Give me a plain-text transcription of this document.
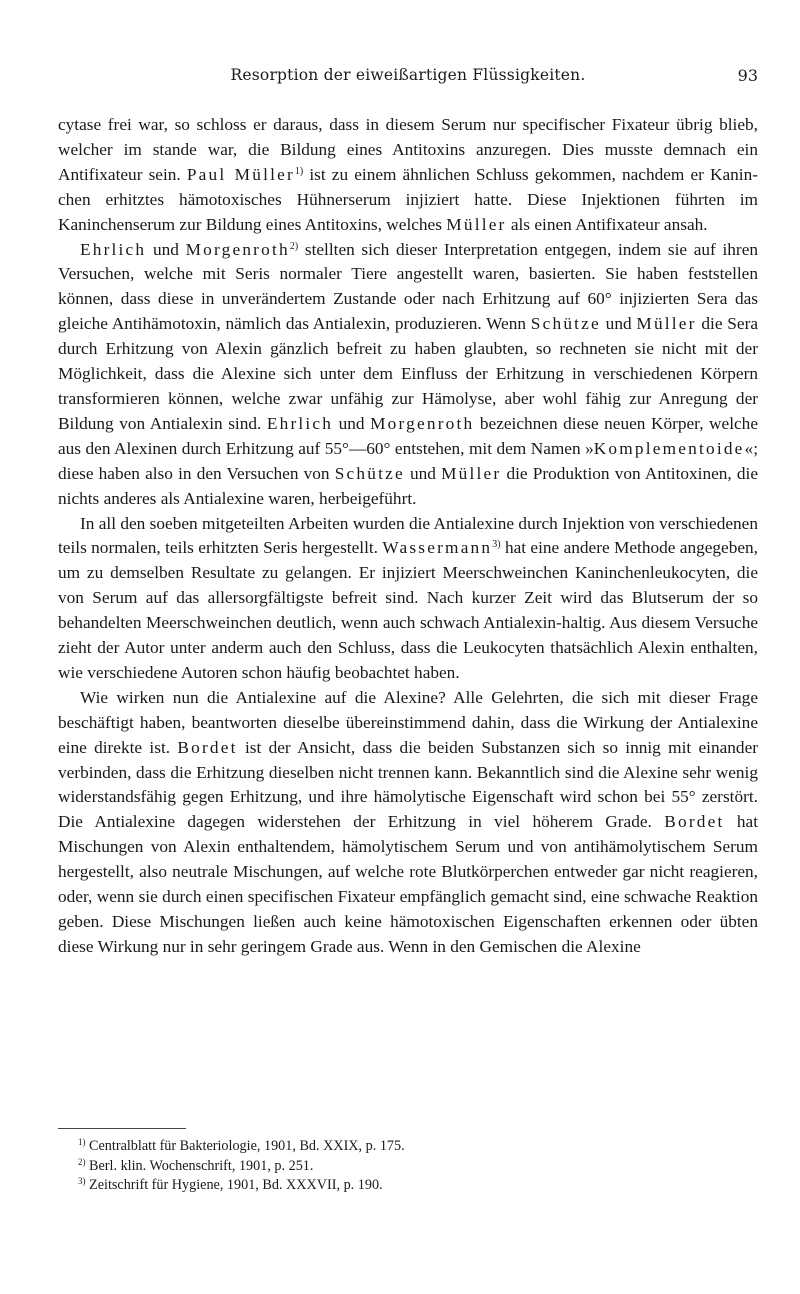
Resorption der eiweißartigen Flüssigkeiten.	93

cytase frei war, so schloss er daraus, dass in diesem Serum nur specifischer Fixateur übrig blieb, welcher im stande war, die Bildung eines Antitoxins anzuregen. Dies musste demnach ein Antifixateur sein. Paul Müller$^{1)}$ ist zu einem ähnlichen Schluss gekommen, nachdem er Kaninchen erhitztes hämotoxisches Hühnerserum injiziert hatte. Diese Injektionen führten im Kaninchenserum zur Bildung eines Antitoxins, welches Müller als einen Antifixateur ansah.

Ehrlich und Morgenroth$^{2)}$ stellten sich dieser Interpretation entgegen, indem sie auf ihren Versuchen, welche mit Seris normaler Tiere angestellt waren, basierten. Sie haben feststellen können, dass diese in unverändertem Zustande oder nach Erhitzung auf 60° injizierten Sera das gleiche Antihämotoxin, nämlich das Antialexin, produzieren. Wenn Schütze und Müller die Sera durch Erhitzung von Alexin gänzlich befreit zu haben glaubten, so rechneten sie nicht mit der Möglichkeit, dass die Alexine sich unter dem Einfluss der Erhitzung in verschiedenen Körpern transformieren können, welche zwar unfähig zur Hämolyse, aber wohl fähig zur Anregung der Bildung von Antialexin sind. Ehrlich und Morgenroth bezeichnen diese neuen Körper, welche aus den Alexinen durch Erhitzung auf 55°—60° entstehen, mit dem Namen »Komplementoide«; diese haben also in den Versuchen von Schütze und Müller die Produktion von Antitoxinen, die nichts anderes als Antialexine waren, herbeigeführt.

In all den soeben mitgeteilten Arbeiten wurden die Antialexine durch Injektion von verschiedenen teils normalen, teils erhitzten Seris hergestellt. Wassermann$^{3)}$ hat eine andere Methode angegeben, um zu demselben Resultate zu gelangen. Er injiziert Meerschweinchen Kaninchenleukocyten, die von Serum auf das allersorgfältigste befreit sind. Nach kurzer Zeit wird das Blutserum der so behandelten Meerschweinchen deutlich, wenn auch schwach Antialexin-haltig. Aus diesem Versuche zieht der Autor unter anderm auch den Schluss, dass die Leukocyten thatsächlich Alexin enthalten, wie verschiedene Autoren schon häufig beobachtet haben.

Wie wirken nun die Antialexine auf die Alexine? Alle Gelehrten, die sich mit dieser Frage beschäftigt haben, beantworten dieselbe übereinstimmend dahin, dass die Wirkung der Antialexine eine direkte ist. Bordet ist der Ansicht, dass die beiden Substanzen sich so innig mit einander verbinden, dass die Erhitzung dieselben nicht trennen kann. Bekanntlich sind die Alexine sehr wenig widerstandsfähig gegen Erhitzung, und ihre hämolytische Eigenschaft wird schon bei 55° zerstört. Die Antialexine dagegen widerstehen der Erhitzung in viel höherem Grade. Bordet hat Mischungen von Alexin enthaltendem, hämolytischem Serum und von antihämolytischem Serum hergestellt, also neutrale Mischungen, auf welche rote Blutkörperchen entweder gar nicht reagieren, oder, wenn sie durch einen specifischen Fixateur empfänglich gemacht sind, eine schwache Reaktion geben. Diese Mischungen ließen auch keine hämotoxischen Eigenschaften erkennen oder übten diese Wirkung nur in sehr geringem Grade aus. Wenn in den Gemischen die Alexine

$^{1)}$ Centralblatt für Bakteriologie, 1901, Bd. XXIX, p. 175.
$^{2)}$ Berl. klin. Wochenschrift, 1901, p. 251.
$^{3)}$ Zeitschrift für Hygiene, 1901, Bd. XXXVII, p. 190.
